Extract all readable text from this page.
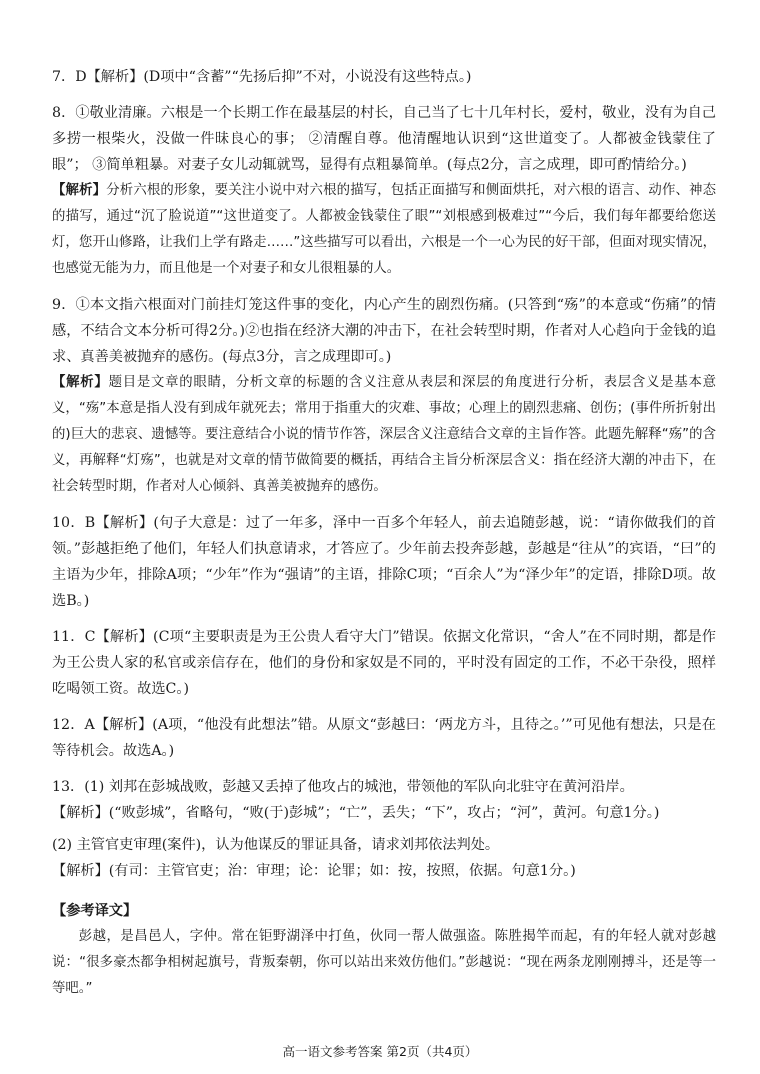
7．D【解析】(D项中“含蓄”“先扬后抑”不对，小说没有这些特点。)

8．①敬业清廉。六根是一个长期工作在最基层的村长，自己当了七十几年村长，爱村，敬业，没有为自己多捞一根柴火，没做一件昧良心的事； ②清醒自尊。他清醒地认识到“这世道变了。人都被金钱蒙住了眼”； ③简单粗暴。对妻子女儿动辄就骂，显得有点粗暴简单。(每点2分，言之成理，即可酌情给分。)

【解析】分析六根的形象，要关注小说中对六根的描写，包括正面描写和侧面烘托，对六根的语言、动作、神态的描写，通过“沉了脸说道”“这世道变了。人都被金钱蒙住了眼”“刘根感到极难过”“今后，我们每年都要给您送灯，您开山修路，让我们上学有路走……”这些描写可以看出，六根是一个一心为民的好干部，但面对现实情况，也感觉无能为力，而且他是一个对妻子和女儿很粗暴的人。

9．①本文指六根面对门前挂灯笼这件事的变化，内心产生的剧烈伤痛。(只答到“殇”的本意或“伤痛”的情感，不结合文本分析可得2分。)②也指在经济大潮的冲击下，在社会转型时期，作者对人心趋向于金钱的追求、真善美被抛弃的感伤。(每点3分，言之成理即可。)

【解析】题目是文章的眼睛，分析文章的标题的含义注意从表层和深层的角度进行分析，表层含义是基本意义，“殇”本意是指人没有到成年就死去；常用于指重大的灾难、事故；心理上的剧烈悲痛、创伤；(事件所折射出的)巨大的悲哀、遗憾等。要注意结合小说的情节作答，深层含义注意结合文章的主旨作答。此题先解释“殇”的含义，再解释“灯殇”，也就是对文章的情节做简要的概括，再结合主旨分析深层含义：指在经济大潮的冲击下，在社会转型时期，作者对人心倾斜、真善美被抛弃的感伤。

10．B【解析】(句子大意是：过了一年多，泽中一百多个年轻人，前去追随彭越，说：“请你做我们的首领。”彭越拒绝了他们，年轻人们执意请求，才答应了。少年前去投奔彭越，彭越是“往从”的宾语，“曰”的主语为少年，排除A项；“少年”作为“强请”的主语，排除C项；“百余人”为“泽少年”的定语，排除D项。故选B。)

11．C【解析】(C项“主要职责是为王公贵人看守大门”错误。依据文化常识，“舍人”在不同时期，都是作为王公贵人家的私官或亲信存在，他们的身份和家奴是不同的，平时没有固定的工作，不必干杂役，照样吃喝领工资。故选C。)

12．A【解析】(A项，“他没有此想法”错。从原文“彭越曰：‘两龙方斗，且待之。’”可见他有想法，只是在等待机会。故选A。)

13．(1) 刘邦在彭城战败，彭越又丢掉了他攻占的城池，带领他的军队向北驻守在黄河沿岸。

【解析】(“败彭城”，省略句，“败(于)彭城”；“亡”，丢失；“下”，攻占；“河”，黄河。句意1分。)

(2) 主管官吏审理(案件)，认为他谋反的罪证具备，请求刘邦依法判处。

【解析】(有司：主管官吏；治：审理；论：论罪；如：按，按照，依据。句意1分。)

【参考译文】

彭越，是昌邑人，字仲。常在钜野湖泽中打鱼，伙同一帮人做强盗。陈胜揭竿而起，有的年轻人就对彭越说：“很多豪杰都争相树起旗号，背叛秦朝，你可以站出来效仿他们。”彭越说：“现在两条龙刚刚搏斗，还是等一等吧。”

高一语文参考答案 第2页（共4页）
